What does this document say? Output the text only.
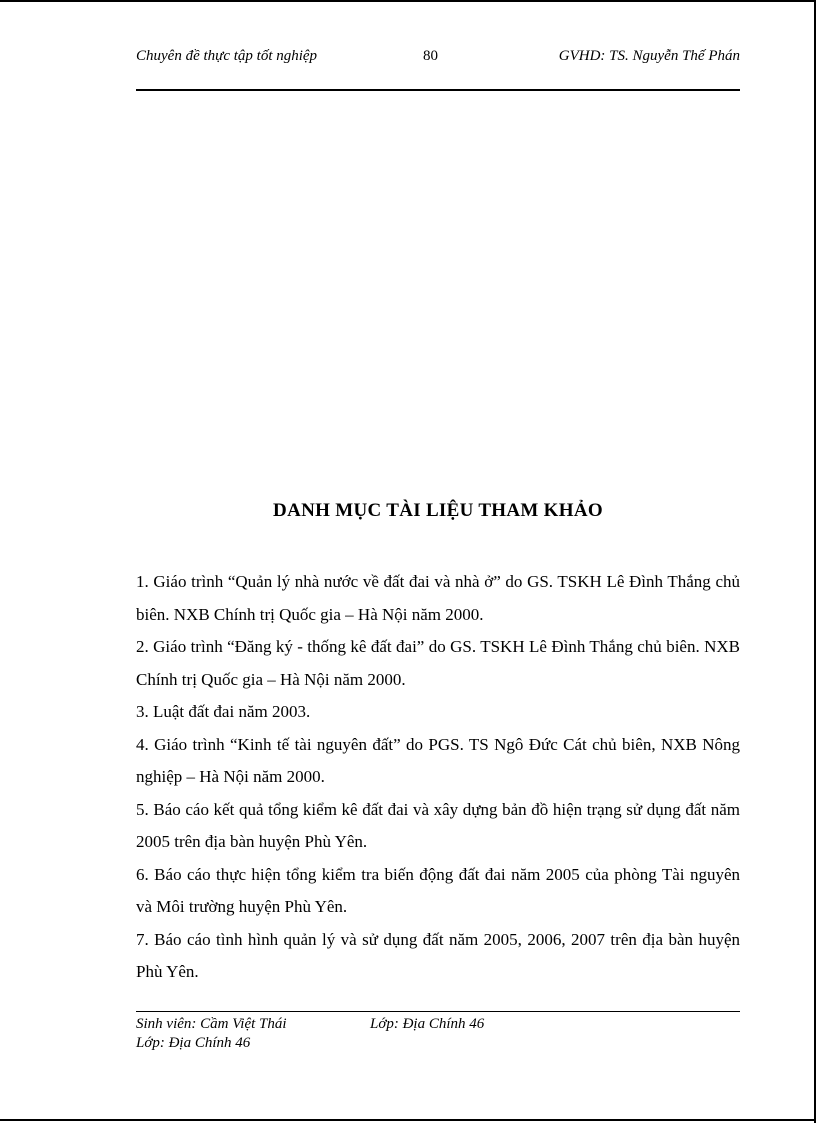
Chuyên đề thực tập tốt nghiệp	80	GVHD: TS. Nguyễn Thế Phán
DANH MỤC TÀI LIỆU THAM KHẢO

1. Giáo trình “Quản lý nhà nước về đất đai và nhà ở” do GS. TSKH Lê Đình Thắng chủ biên. NXB Chính trị Quốc gia – Hà Nội năm 2000.

2. Giáo trình “Đăng ký - thống kê đất đai” do GS. TSKH Lê Đình Thắng chủ biên. NXB Chính trị Quốc gia – Hà Nội năm 2000.

3. Luật đất đai năm 2003.

4. Giáo trình “Kinh tế tài nguyên đất” do PGS. TS Ngô Đức Cát chủ biên, NXB Nông nghiệp – Hà Nội năm 2000.

5. Báo cáo kết quả tổng kiểm kê đất đai và xây dựng bản đồ hiện trạng sử dụng đất năm 2005 trên địa bàn huyện Phù Yên.

6. Báo cáo thực hiện tổng kiểm tra biến động đất đai năm 2005 của phòng Tài nguyên và Môi trường huyện Phù Yên.

7. Báo cáo tình hình quản lý và sử dụng đất năm 2005, 2006, 2007 trên địa bàn huyện Phù Yên.

Sinh viên: Cầm Việt Thái	Lớp: Địa Chính 46
Lớp: Địa Chính 46
